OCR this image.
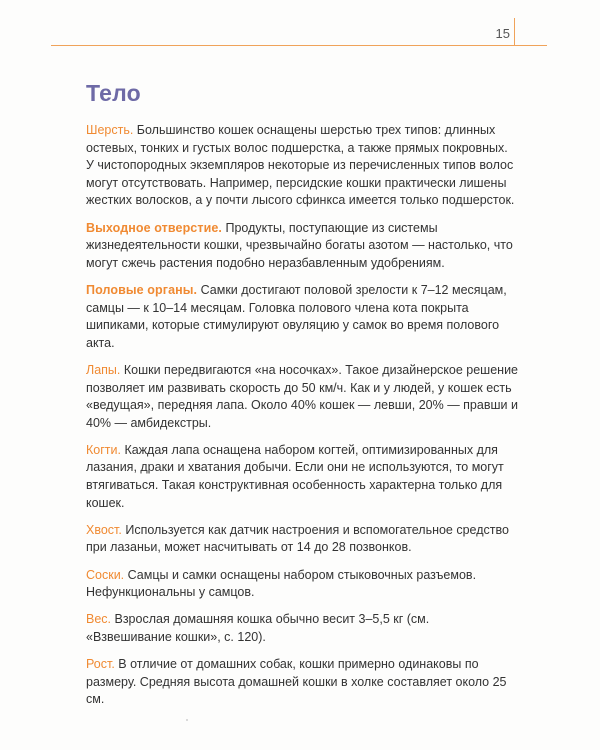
15
Тело

Шерсть. Большинство кошек оснащены шерстью трех типов: длинных остевых, тонких и густых волос подшерстка, а также прямых покровных. У чистопородных экземпляров некоторые из перечисленных типов волос могут отсутствовать. Например, персидские кошки практически лишены жестких волосков, а у почти лысого сфинкса имеется только подшерсток.

Выходное отверстие. Продукты, поступающие из системы жизнедеятельности кошки, чрезвычайно богаты азотом — настолько, что могут сжечь растения подобно неразбавленным удобрениям.

Половые органы. Самки достигают половой зрелости к 7–12 месяцам, самцы — к 10–14 месяцам. Головка полового члена кота покрыта шипиками, которые стимулируют овуляцию у самок во время полового акта.

Лапы. Кошки передвигаются «на носочках». Такое дизайнерское решение позволяет им развивать скорость до 50 км/ч. Как и у людей, у кошек есть «ведущая», передняя лапа. Около 40% кошек — левши, 20% — правши и 40% — амбидекстры.

Когти. Каждая лапа оснащена набором когтей, оптимизированных для лазания, драки и хватания добычи. Если они не используются, то могут втягиваться. Такая конструктивная особенность характерна только для кошек.

Хвост. Используется как датчик настроения и вспомогательное средство при лазаньи, может насчитывать от 14 до 28 позвонков.

Соски. Самцы и самки оснащены набором стыковочных разъемов. Нефункциональны у самцов.

Вес. Взрослая домашняя кошка обычно весит 3–5,5 кг (см. «Взвешивание кошки», с. 120).

Рост. В отличие от домашних собак, кошки примерно одинаковы по размеру. Средняя высота домашней кошки в холке составляет около 25 см.
